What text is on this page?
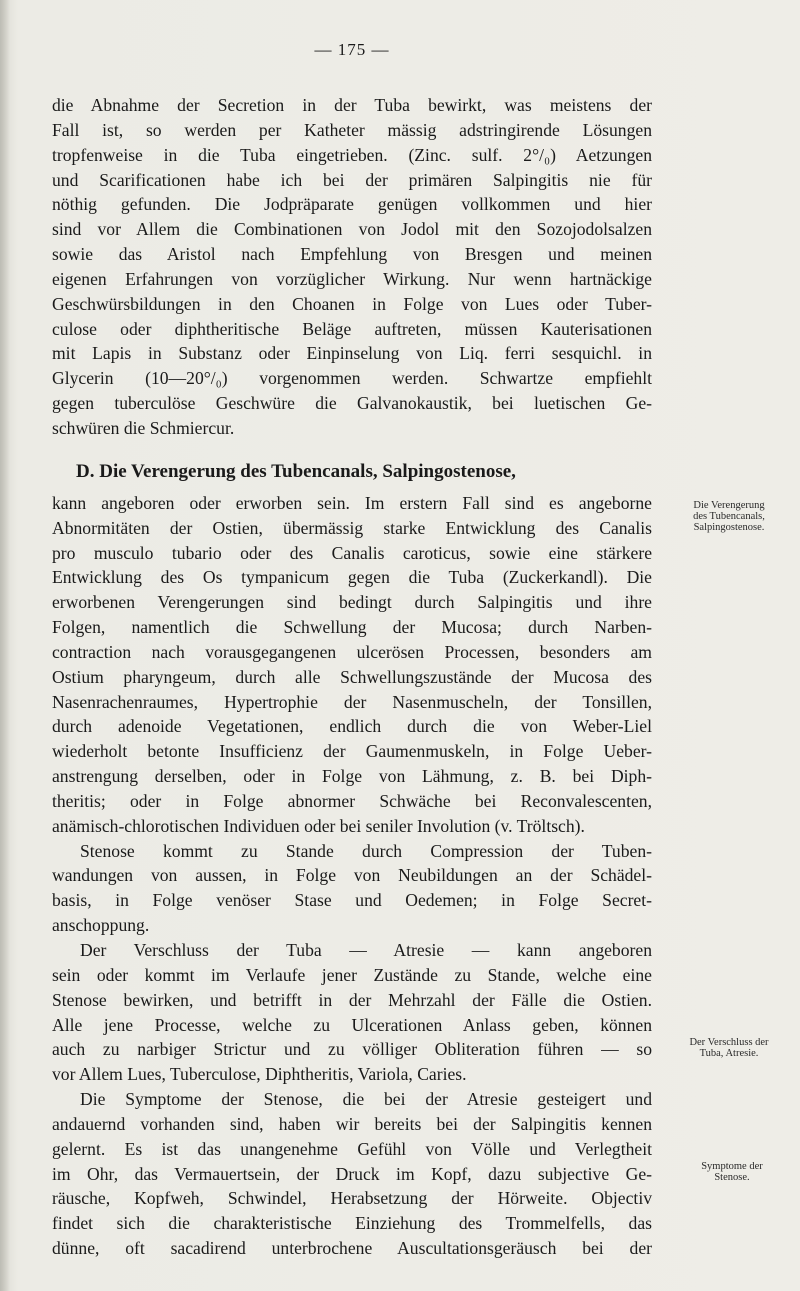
— 175 —

die Abnahme der Secretion in der Tuba bewirkt, was meistens der
Fall ist, so werden per Katheter mässig adstringirende Lösungen
tropfenweise in die Tuba eingetrieben. (Zinc. sulf. 2°/₀) Aetzungen
und Scarificationen habe ich bei der primären Salpingitis nie für
nöthig gefunden. Die Jodpräparate genügen vollkommen und hier
sind vor Allem die Combinationen von Jodol mit den Sozojodolsalzen
sowie das Aristol nach Empfehlung von Bresgen und meinen
eigenen Erfahrungen von vorzüglicher Wirkung. Nur wenn hartnäckige
Geschwürsbildungen in den Choanen in Folge von Lues oder Tuber-
culose oder diphtheritische Beläge auftreten, müssen Kauterisationen
mit Lapis in Substanz oder Einpinselung von Liq. ferri sesquichl. in
Glycerin (10—20°/₀) vorgenommen werden. Schwartze empfiehlt
gegen tuberculöse Geschwüre die Galvanokaustik, bei luetischen Ge-
schwüren die Schmiercur.

kann angeboren oder erworben sein. Im erstern Fall sind es angeborne
Abnormitäten der Ostien, übermässig starke Entwicklung des Canalis
pro musculo tubario oder des Canalis caroticus, sowie eine stärkere
Entwicklung des Os tympanicum gegen die Tuba (Zuckerkandl). Die
erworbenen Verengerungen sind bedingt durch Salpingitis und ihre
Folgen, namentlich die Schwellung der Mucosa; durch Narben-
contraction nach vorausgegangenen ulcerösen Processen, besonders am
Ostium pharyngeum, durch alle Schwellungszustände der Mucosa des
Nasenrachenraumes, Hypertrophie der Nasenmuscheln, der Tonsillen,
durch adenoide Vegetationen, endlich durch die von Weber-Liel
wiederholt betonte Insufficienz der Gaumenmuskeln, in Folge Ueber-
anstrengung derselben, oder in Folge von Lähmung, z. B. bei Diph-
theritis; oder in Folge abnormer Schwäche bei Reconvalescenten,
anämisch-chlorotischen Individuen oder bei seniler Involution (v. Tröltsch).

Stenose kommt zu Stande durch Compression der Tuben-
wandungen von aussen, in Folge von Neubildungen an der Schädel-
basis, in Folge venöser Stase und Oedemen; in Folge Secret-
anschoppung.

Der Verschluss der Tuba — Atresie — kann angeboren
sein oder kommt im Verlaufe jener Zustände zu Stande, welche eine
Stenose bewirken, und betrifft in der Mehrzahl der Fälle die Ostien.
Alle jene Processe, welche zu Ulcerationen Anlass geben, können
auch zu narbiger Strictur und zu völliger Obliteration führen — so
vor Allem Lues, Tuberculose, Diphtheritis, Variola, Caries.

Die Symptome der Stenose, die bei der Atresie gesteigert und
andauernd vorhanden sind, haben wir bereits bei der Salpingitis kennen
gelernt. Es ist das unangenehme Gefühl von Völle und Verlegtheit
im Ohr, das Vermauertsein, der Druck im Kopf, dazu subjective Ge-
räusche, Kopfweh, Schwindel, Herabsetzung der Hörweite. Objectiv
findet sich die charakteristische Einziehung des Trommelfells, das
dünne, oft sacadirend unterbrochene Auscultationsgeräusch bei der

D. Die Verengerung des Tubencanals, Salpingostenose,
Die Verengerung
des Tubencanals,
Salpingostenose.
Der Verschluss der
Tuba, Atresie.
Symptome der
Stenose.
